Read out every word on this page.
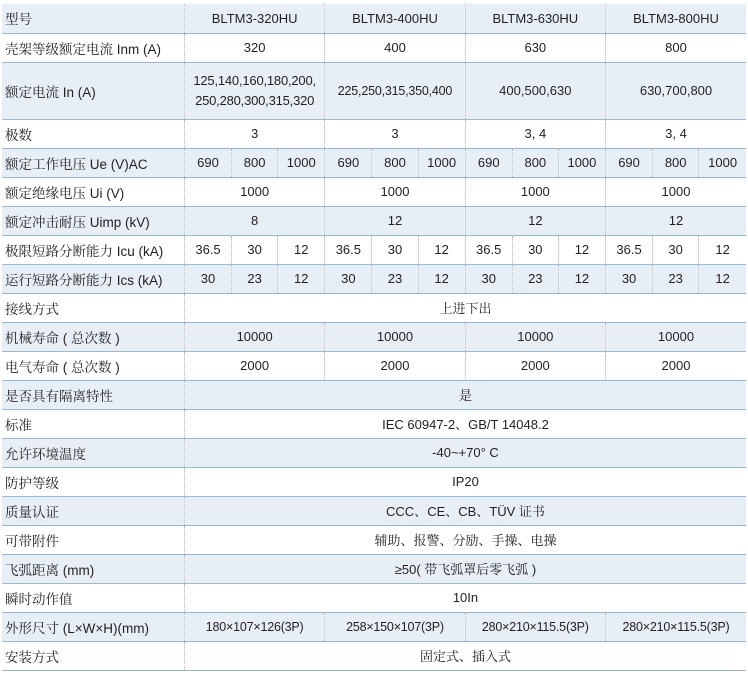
型号	BLTM3-320HU			BLTM3-400HU			BLTM3-630HU			BLTM3-800HU		
壳架等级额定电流 Inm (A)	320			400			630			800		
额定电流 In (A)	125,140,160,180,200,
250,280,300,315,320			225,250,315,350,400			400,500,630			630,700,800		
极数	3			3			3, 4			3, 4		
额定工作电压 Ue (V)AC	690	800	1000	690	800	1000	690	800	1000	690	800	1000
额定绝缘电压 Ui (V)	1000			1000			1000			1000		
额定冲击耐压 Uimp (kV)	8			12			12			12		
极限短路分断能力 Icu (kA)	36.5	30	12	36.5	30	12	36.5	30	12	36.5	30	12
运行短路分断能力 Ics (kA)	30	23	12	30	23	12	30	23	12	30	23	12
接线方式	上进下出											
机械寿命 ( 总次数 )	10000			10000			10000			10000		
电气寿命 ( 总次数 )	2000			2000			2000			2000		
是否具有隔离特性	是											
标准	IEC 60947-2、GB/T 14048.2											
允许环境温度	-40~+70° C											
防护等级	IP20											
质量认证	CCC、CE、CB、TÜV 证书											
可带附件	辅助、报警、分励、手操、电操											
飞弧距离 (mm)	≥50( 带飞弧罩后零飞弧 )											
瞬时动作值	10In											
外形尺寸 (L×W×H)(mm)	180×107×126(3P)			258×150×107(3P)			280×210×115.5(3P)			280×210×115.5(3P)		
安装方式	固定式、插入式											
